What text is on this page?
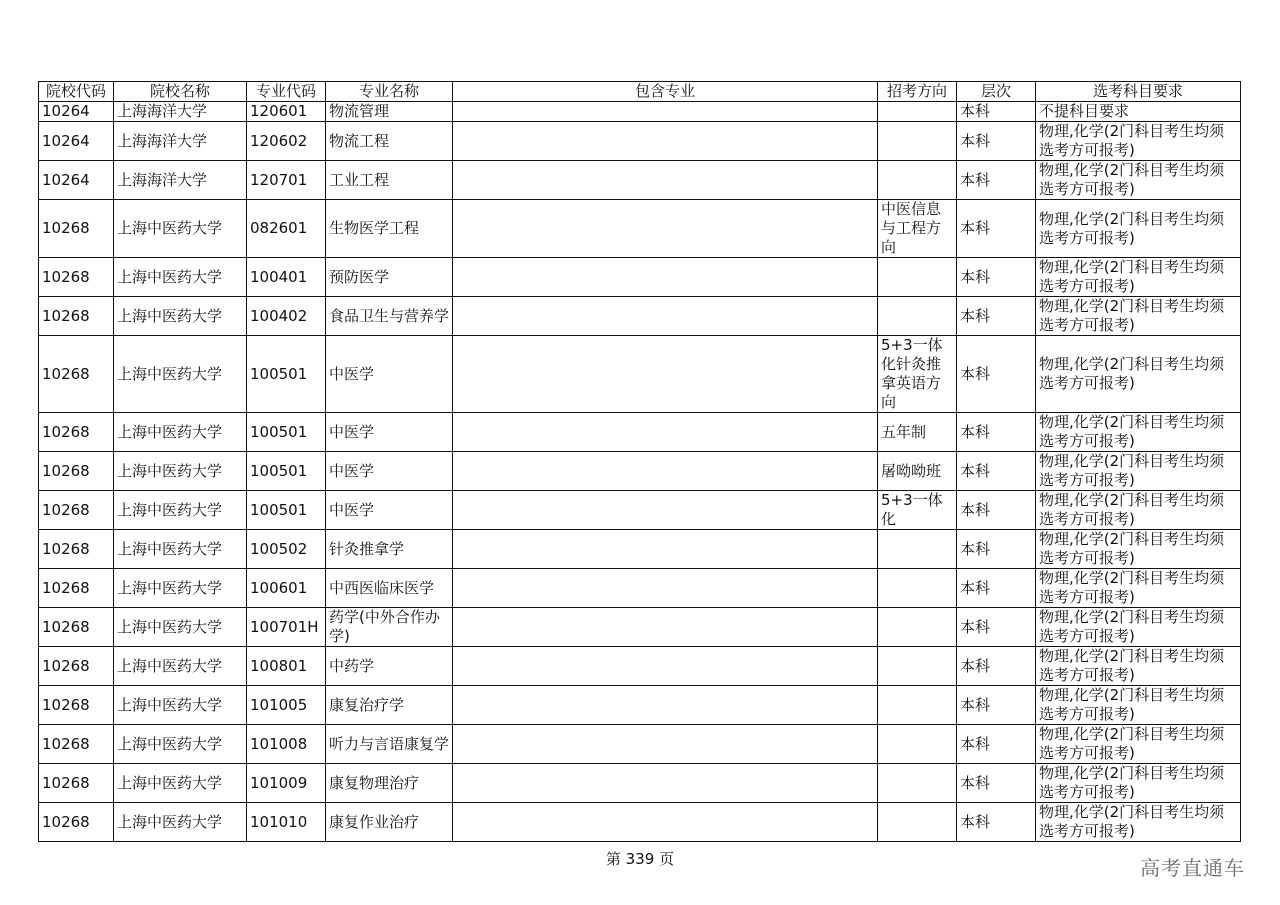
院校代码	院校名称	专业代码	专业名称	包含专业	招考方向	层次	选考科目要求
10264	上海海洋大学	120601	物流管理			本科	不提科目要求
10264	上海海洋大学	120602	物流工程			本科	物理,化学(2门科目考生均须选考方可报考)
10264	上海海洋大学	120701	工业工程			本科	物理,化学(2门科目考生均须选考方可报考)
10268	上海中医药大学	082601	生物医学工程		中医信息与工程方向	本科	物理,化学(2门科目考生均须选考方可报考)
10268	上海中医药大学	100401	预防医学			本科	物理,化学(2门科目考生均须选考方可报考)
10268	上海中医药大学	100402	食品卫生与营养学			本科	物理,化学(2门科目考生均须选考方可报考)
10268	上海中医药大学	100501	中医学		5+3一体化针灸推拿英语方向	本科	物理,化学(2门科目考生均须选考方可报考)
10268	上海中医药大学	100501	中医学		五年制	本科	物理,化学(2门科目考生均须选考方可报考)
10268	上海中医药大学	100501	中医学		屠呦呦班	本科	物理,化学(2门科目考生均须选考方可报考)
10268	上海中医药大学	100501	中医学		5+3一体化	本科	物理,化学(2门科目考生均须选考方可报考)
10268	上海中医药大学	100502	针灸推拿学			本科	物理,化学(2门科目考生均须选考方可报考)
10268	上海中医药大学	100601	中西医临床医学			本科	物理,化学(2门科目考生均须选考方可报考)
10268	上海中医药大学	100701H	药学(中外合作办学)			本科	物理,化学(2门科目考生均须选考方可报考)
10268	上海中医药大学	100801	中药学			本科	物理,化学(2门科目考生均须选考方可报考)
10268	上海中医药大学	101005	康复治疗学			本科	物理,化学(2门科目考生均须选考方可报考)
10268	上海中医药大学	101008	听力与言语康复学			本科	物理,化学(2门科目考生均须选考方可报考)
10268	上海中医药大学	101009	康复物理治疗			本科	物理,化学(2门科目考生均须选考方可报考)
10268	上海中医药大学	101010	康复作业治疗			本科	物理,化学(2门科目考生均须选考方可报考)
第 339 页	高考直通车
